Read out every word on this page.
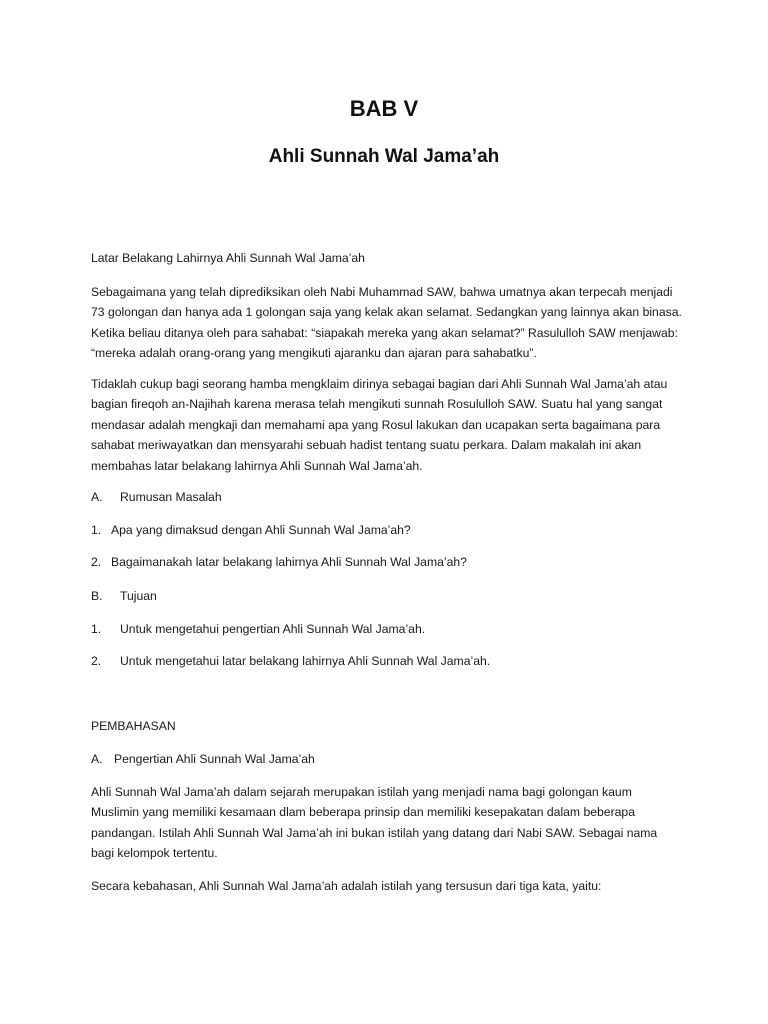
BAB V
Ahli Sunnah Wal Jama’ah
Latar Belakang Lahirnya Ahli Sunnah Wal Jama’ah
Sebagaimana yang telah diprediksikan oleh Nabi Muhammad SAW, bahwa umatnya akan terpecah menjadi 73 golongan dan hanya ada 1 golongan saja yang kelak akan selamat. Sedangkan yang lainnya akan binasa. Ketika beliau ditanya oleh para sahabat: “siapakah mereka yang akan selamat?” Rasululloh SAW menjawab: “mereka adalah orang-orang yang mengikuti ajaranku dan ajaran para sahabatku”.
Tidaklah cukup bagi seorang hamba mengklaim dirinya sebagai bagian dari Ahli Sunnah Wal Jama’ah atau bagian fireqoh an-Najihah karena merasa telah mengikuti sunnah Rosululloh SAW. Suatu hal yang sangat mendasar adalah mengkaji dan memahami apa yang Rosul lakukan dan ucapakan serta bagaimana para sahabat meriwayatkan dan mensyarahi sebuah hadist tentang suatu perkara. Dalam makalah ini akan membahas latar belakang lahirnya Ahli Sunnah Wal Jama’ah.
A. Rumusan Masalah
1. Apa yang dimaksud dengan Ahli Sunnah Wal Jama’ah?
2. Bagaimanakah latar belakang lahirnya Ahli Sunnah Wal Jama’ah?
B. Tujuan
1. Untuk mengetahui pengertian Ahli Sunnah Wal Jama’ah.
2. Untuk mengetahui latar belakang lahirnya Ahli Sunnah Wal Jama’ah.
PEMBAHASAN
A. Pengertian Ahli Sunnah Wal Jama’ah
Ahli Sunnah Wal Jama’ah dalam sejarah merupakan istilah yang menjadi nama bagi golongan kaum Muslimin yang memiliki kesamaan dlam beberapa prinsip dan memiliki kesepakatan dalam beberapa pandangan. Istilah Ahli Sunnah Wal Jama’ah ini bukan istilah yang datang dari Nabi SAW. Sebagai nama bagi kelompok tertentu.
Secara kebahasan, Ahli Sunnah Wal Jama’ah adalah istilah yang tersusun dari tiga kata, yaitu:
